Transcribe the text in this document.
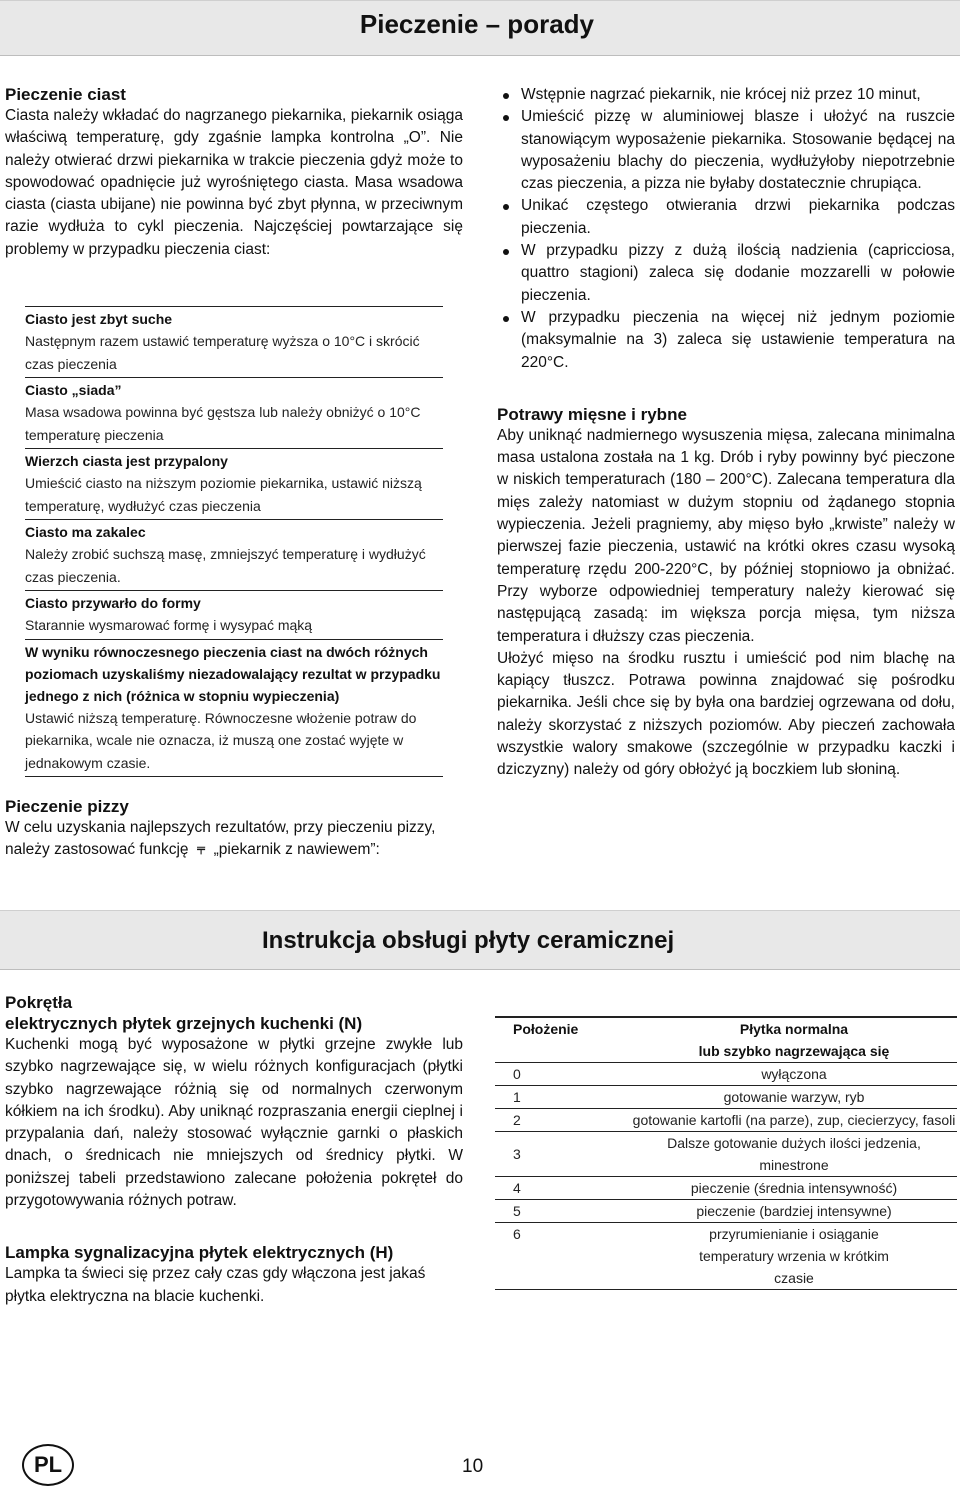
Pieczenie – porady

Pieczenie ciast

Ciasta należy wkładać do nagrzanego piekarnika, piekarnik osiąga właściwą temperaturę, gdy zgaśnie lampka kontrolna „O”. Nie należy otwierać drzwi piekarnika w trakcie pieczenia gdyż może to spowodować opadnięcie już wyrośniętego ciasta. Masa wsadowa ciasta (ciasta ubijane) nie powinna być zbyt płynna, w przeciwnym razie wydłuża to cykl pieczenia. Najczęściej powtarzające się problemy w przypadku pieczenia ciast:

Ciasto jest zbyt suche
Następnym razem ustawić temperaturę wyższa o 10°C i skrócić czas pieczenia
Ciasto „siada”
Masa wsadowa powinna być gęstsza lub należy obniżyć o 10°C temperaturę pieczenia
Wierzch ciasta jest przypalony
Umieścić ciasto na niższym poziomie piekarnika, ustawić niższą temperaturę, wydłużyć czas pieczenia
Ciasto ma zakalec
Należy zrobić suchszą masę, zmniejszyć temperaturę i wydłużyć czas pieczenia.
Ciasto przywarło do formy
Starannie wysmarować formę i wysypać mąką
W wyniku równoczesnego pieczenia ciast na dwóch różnych poziomach uzyskaliśmy niezadowalający rezultat w przypadku jednego z nich (różnica w stopniu wypieczenia)
Ustawić niższą temperaturę. Równoczesne włożenie potraw do piekarnika, wcale nie oznacza, iż muszą one zostać wyjęte w jednakowym czasie.

Pieczenie pizzy

W celu uzyskania najlepszych rezultatów, przy pieczeniu pizzy, należy zastosować funkcję ⫧ „piekarnik z nawiewem”:

Wstępnie nagrzać piekarnik, nie krócej niż przez 10 minut,
Umieścić pizzę w aluminiowej blasze i ułożyć na ruszcie stanowiącym wyposażenie piekarnika. Stosowanie będącej na wyposażeniu blachy do pieczenia, wydłużyłoby niepotrzebnie czas pieczenia, a pizza nie byłaby dostatecznie chrupiąca.
Unikać częstego otwierania drzwi piekarnika podczas pieczenia.
W przypadku pizzy z dużą ilością nadzienia (capricciosa, quattro stagioni) zaleca się dodanie mozzarelli w połowie pieczenia.
W przypadku pieczenia na więcej niż jednym poziomie (maksymalnie na 3) zaleca się ustawienie temperatura na 220°C.

Potrawy mięsne i rybne

Aby uniknąć nadmiernego wysuszenia mięsa, zalecana minimalna masa ustalona została na 1 kg. Drób i ryby powinny być pieczone w niskich temperaturach (180 – 200°C). Zalecana temperatura dla mięs zależy natomiast w dużym stopniu od żądanego stopnia wypieczenia. Jeżeli pragniemy, aby mięso było „krwiste” należy w pierwszej fazie pieczenia, ustawić na krótki okres czasu wysoką temperaturę rzędu 200-220°C, by później stopniowo ja obniżać. Przy wyborze odpowiedniej temperatury należy kierować się następującą zasadą: im większa porcja mięsa, tym niższa temperatura i dłuższy czas pieczenia.

Ułożyć mięso na środku rusztu i umieścić pod nim blachę na kapiący tłuszcz. Potrawa powinna znajdować się pośrodku piekarnika. Jeśli chce się by była ona bardziej ogrzewana od dołu, należy skorzystać z niższych poziomów. Aby pieczeń zachowała wszystkie walory smakowe (szczególnie w przypadku kaczki i dziczyzny) należy od góry obłożyć ją boczkiem lub słoniną.

Instrukcja obsługi płyty ceramicznej

Pokrętła

elektrycznych płytek grzejnych kuchenki (N)

Kuchenki mogą być wyposażone w płytki grzejne zwykłe lub szybko nagrzewające się, w wielu różnych konfiguracjach (płytki szybko nagrzewające różnią się od normalnych czerwonym kółkiem na ich środku). Aby uniknąć rozpraszania energii cieplnej i przypalania dań, należy stosować wyłącznie garnki o płaskich dnach, o średnicach nie mniejszych od średnicy płytki. W poniższej tabeli przedstawiono zalecane położenia pokręteł do przygotowywania różnych potraw.

Lampka sygnalizacyjna płytek elektrycznych (H)

Lampka ta świeci się przez cały czas gdy włączona jest jakaś płytka elektryczna na blacie kuchenki.

Położenie	Płytka normalna
lub szybko nagrzewająca się

0	wyłączona
1	gotowanie warzyw, ryb
2	gotowanie kartofli (na parze), zup, ciecierzycy, fasoli
3	Dalsze gotowanie dużych ilości jedzenia, minestrone
4	pieczenie (średnia intensywność)
5	pieczenie (bardziej intensywne)
6	przyrumienianie i osiąganie temperatury wrzenia w krótkim czasie
PL	10
